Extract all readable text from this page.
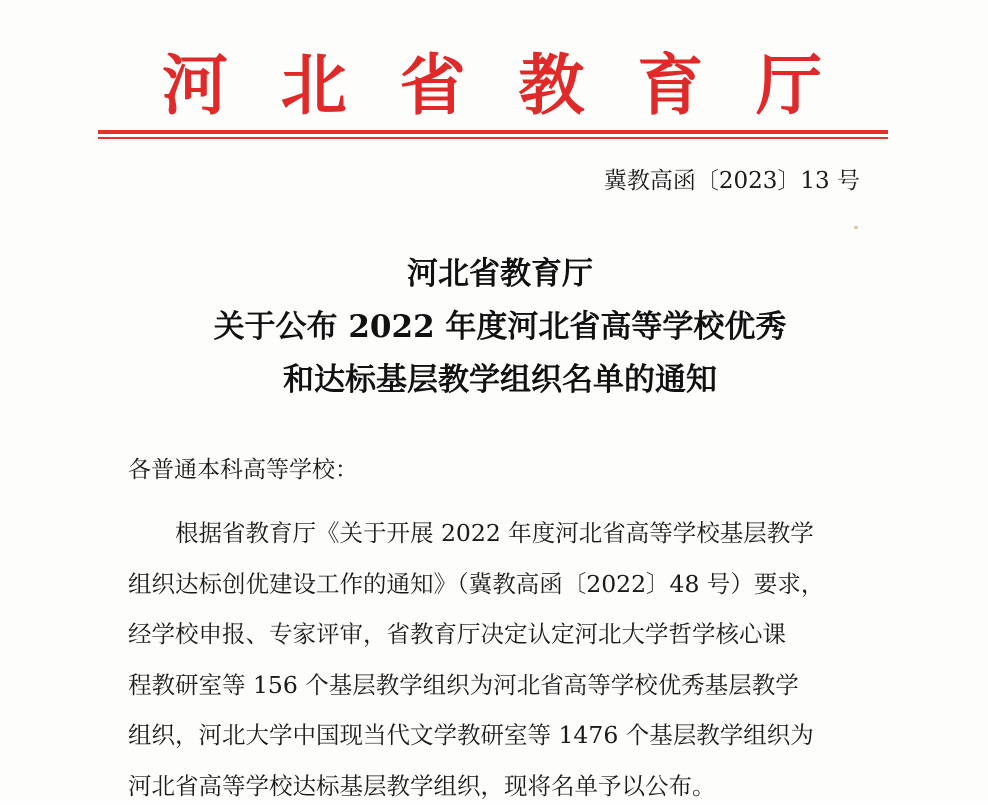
河 北 省 教 育 厅
冀教高函〔2023〕13 号
河北省教育厅
关于公布 2022 年度河北省高等学校优秀
和达标基层教学组织名单的通知
各普通本科高等学校：
根据省教育厅《关于开展 2022 年度河北省高等学校基层教学
组织达标创优建设工作的通知》（冀教高函〔2022〕48 号）要求，
经学校申报、专家评审，省教育厅决定认定河北大学哲学核心课
程教研室等 156 个基层教学组织为河北省高等学校优秀基层教学
组织，河北大学中国现当代文学教研室等 1476 个基层教学组织为
河北省高等学校达标基层教学组织，现将名单予以公布。
